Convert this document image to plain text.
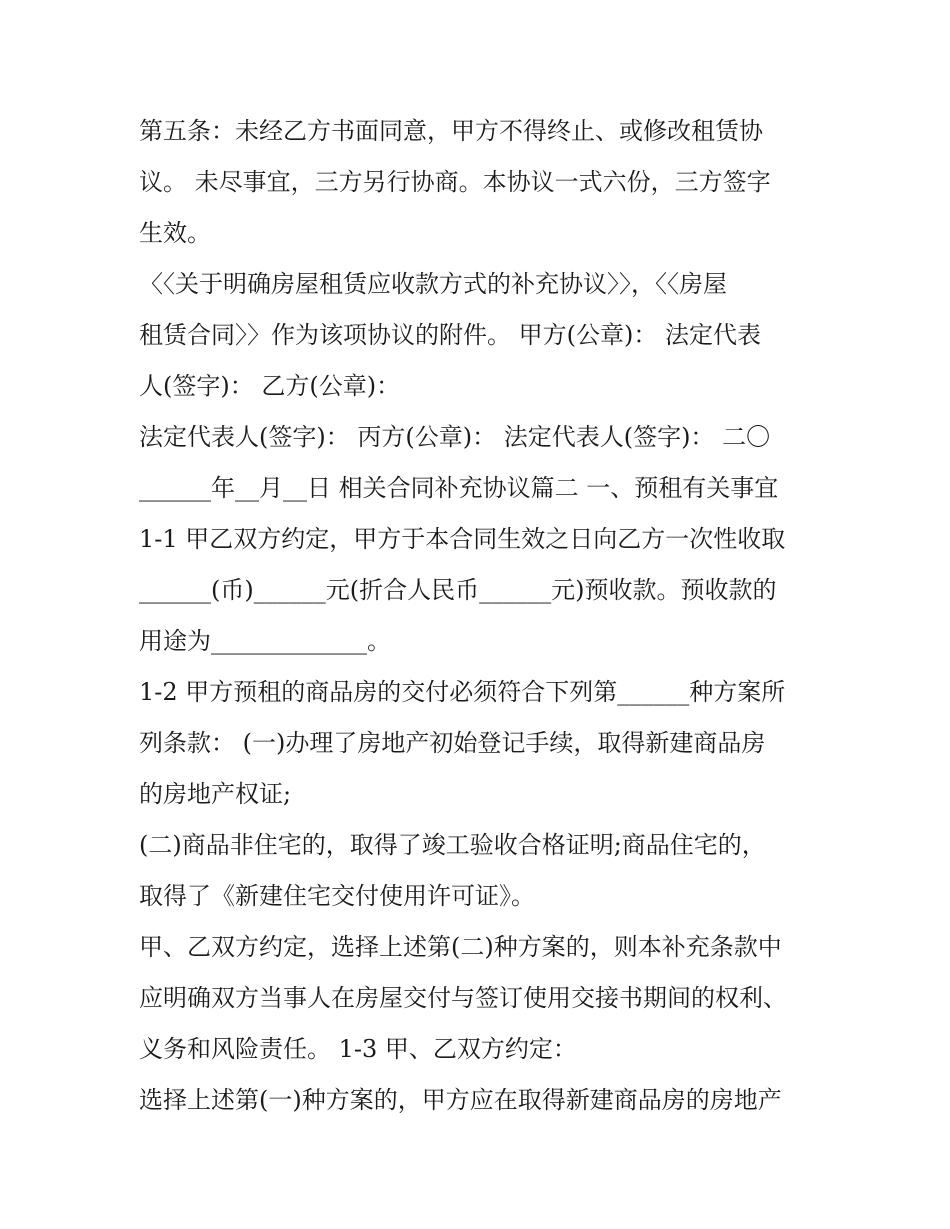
第五条：未经乙方书面同意，甲方不得终止、或修改租赁协
议。 未尽事宜，三方另行协商。本协议一式六份，三方签字
生效。
〈〈关于明确房屋租赁应收款方式的补充协议〉〉，〈〈房屋
租赁合同〉〉作为该项协议的附件。 甲方(公章)： 法定代表
人(签字)： 乙方(公章)：
法定代表人(签字)： 丙方(公章)： 法定代表人(签字)： 二〇
______年__月__日 相关合同补充协议篇二 一、预租有关事宜
1-1 甲乙双方约定，甲方于本合同生效之日向乙方一次性收取
______(币)______元(折合人民币______元)预收款。预收款的
用途为_____________。
1-2 甲方预租的商品房的交付必须符合下列第______种方案所
列条款： (一)办理了房地产初始登记手续，取得新建商品房
的房地产权证;
(二)商品非住宅的，取得了竣工验收合格证明;商品住宅的，
取得了《新建住宅交付使用许可证》。
甲、乙双方约定，选择上述第(二)种方案的，则本补充条款中
应明确双方当事人在房屋交付与签订使用交接书期间的权利、
义务和风险责任。 1-3 甲、乙双方约定：
选择上述第(一)种方案的，甲方应在取得新建商品房的房地产
